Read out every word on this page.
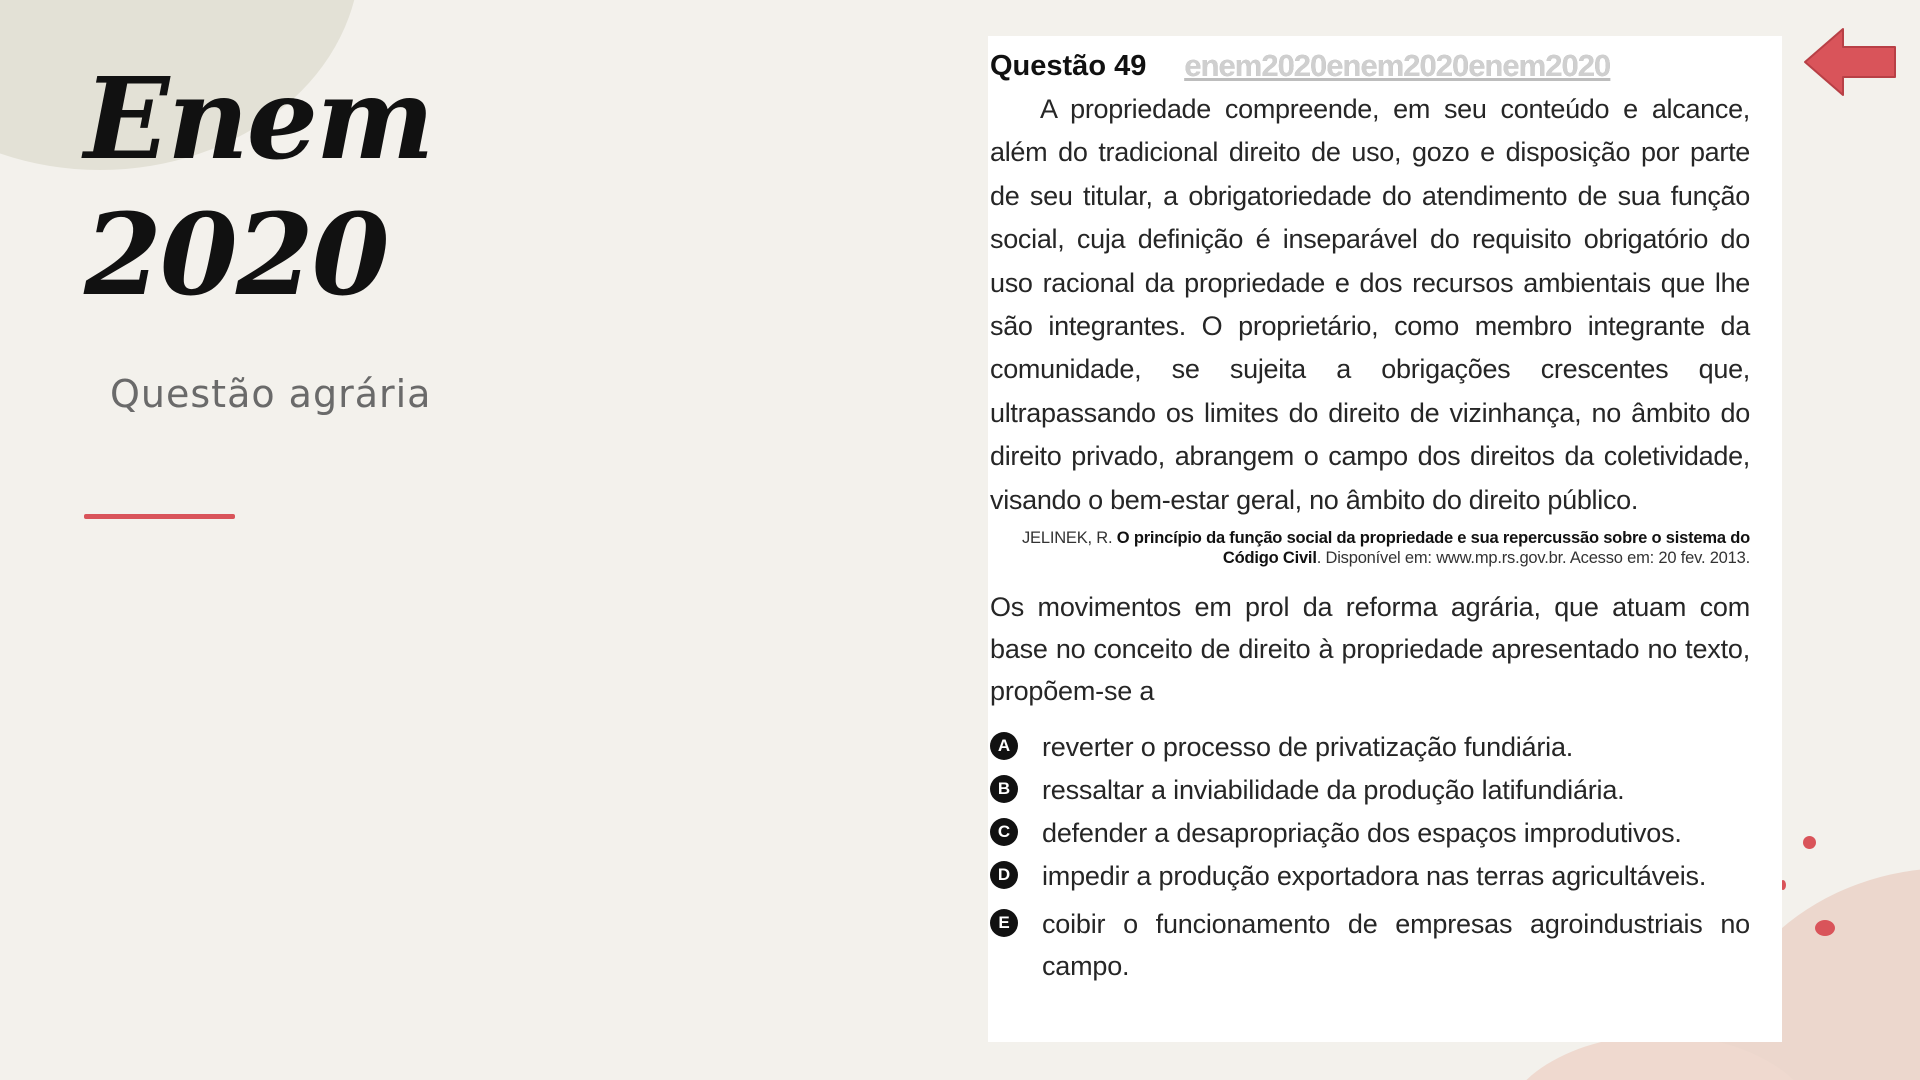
Enem
2020
Questão agrária
Questão 49 enem2020enem2020enem2020

A propriedade compreende, em seu conteúdo e alcance, além do tradicional direito de uso, gozo e disposição por parte de seu titular, a obrigatoriedade do atendimento de sua função social, cuja definição é inseparável do requisito obrigatório do uso racional da propriedade e dos recursos ambientais que lhe são integrantes. O proprietário, como membro integrante da comunidade, se sujeita a obrigações crescentes que, ultrapassando os limites do direito de vizinhança, no âmbito do direito privado, abrangem o campo dos direitos da coletividade, visando o bem-estar geral, no âmbito do direito público.

JELINEK, R. O princípio da função social da propriedade e sua repercussão sobre o sistema do Código Civil. Disponível em: www.mp.rs.gov.br. Acesso em: 20 fev. 2013.

Os movimentos em prol da reforma agrária, que atuam com base no conceito de direito à propriedade apresentado no texto, propõem-se a

A reverter o processo de privatização fundiária.
B ressaltar a inviabilidade da produção latifundiária.
C defender a desapropriação dos espaços improdutivos.
D impedir a produção exportadora nas terras agricultáveis.
E	coibir o funcionamento de empresas agroindustriais no campo.
